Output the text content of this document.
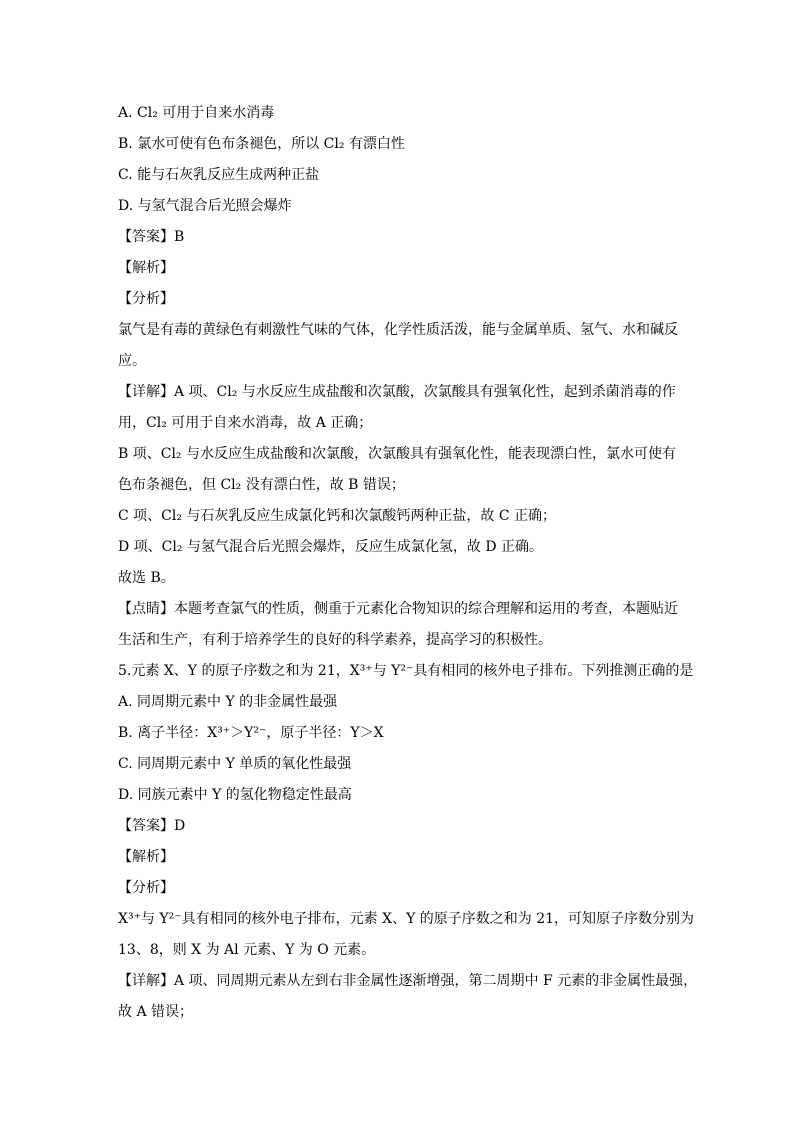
A. Cl₂ 可用于自来水消毒
B. 氯水可使有色布条褪色，所以 Cl₂ 有漂白性
C. 能与石灰乳反应生成两种正盐
D. 与氢气混合后光照会爆炸
【答案】B
【解析】
【分析】
氯气是有毒的黄绿色有刺激性气味的气体，化学性质活泼，能与金属单质、氢气、水和碱反
应。
【详解】A 项、Cl₂ 与水反应生成盐酸和次氯酸，次氯酸具有强氧化性，起到杀菌消毒的作
用，Cl₂ 可用于自来水消毒，故 A 正确；
B 项、Cl₂ 与水反应生成盐酸和次氯酸，次氯酸具有强氧化性，能表现漂白性，氯水可使有
色布条褪色，但 Cl₂ 没有漂白性，故 B 错误；
C 项、Cl₂ 与石灰乳反应生成氯化钙和次氯酸钙两种正盐，故 C 正确；
D 项、Cl₂ 与氢气混合后光照会爆炸，反应生成氯化氢，故 D 正确。
故选 B。
【点睛】本题考查氯气的性质，侧重于元素化合物知识的综合理解和运用的考查，本题贴近
生活和生产，有利于培养学生的良好的科学素养，提高学习的积极性。
5.元素 X、Y 的原子序数之和为 21，X³⁺与 Y²⁻具有相同的核外电子排布。下列推测正确的是
A. 同周期元素中 Y 的非金属性最强
B. 离子半径：X³⁺＞Y²⁻，原子半径：Y＞X
C. 同周期元素中 Y 单质的氧化性最强
D. 同族元素中 Y 的氢化物稳定性最高
【答案】D
【解析】
【分析】
X³⁺与 Y²⁻具有相同的核外电子排布，元素 X、Y 的原子序数之和为 21，可知原子序数分别为
13、8，则 X 为 Al 元素、Y 为 O 元素。
【详解】A 项、同周期元素从左到右非金属性逐渐增强，第二周期中 F 元素的非金属性最强，
故 A 错误；
